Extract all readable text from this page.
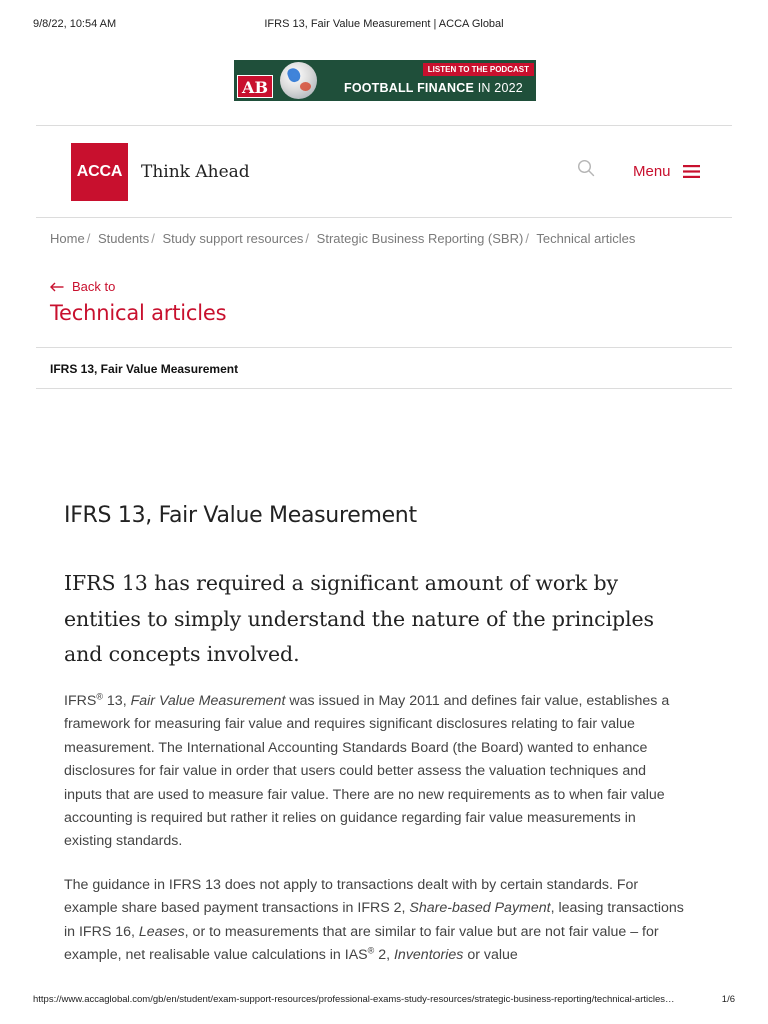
9/8/22, 10:54 AM	IFRS 13, Fair Value Measurement | ACCA Global
AB
LISTEN TO THE PODCAST
FOOTBALL FINANCE IN 2022
ACCA	Think Ahead	Menu
Home / Students / Study support resources / Strategic Business Reporting (SBR) / Technical articles
Back to
Technical articles
IFRS 13, Fair Value Measurement
IFRS 13, Fair Value Measurement
IFRS 13 has required a significant amount of work by entities to simply understand the nature of the principles and concepts involved.

IFRS® 13, Fair Value Measurement was issued in May 2011 and defines fair value, establishes a framework for measuring fair value and requires significant disclosures relating to fair value measurement. The International Accounting Standards Board (the Board) wanted to enhance disclosures for fair value in order that users could better assess the valuation techniques and inputs that are used to measure fair value. There are no new requirements as to when fair value accounting is required but rather it relies on guidance regarding fair value measurements in existing standards.

The guidance in IFRS 13 does not apply to transactions dealt with by certain standards. For example share based payment transactions in IFRS 2, Share-based Payment, leasing transactions in IFRS 16, Leases, or to measurements that are similar to fair value but are not fair value – for example, net realisable value calculations in IAS® 2, Inventories or value

https://www.accaglobal.com/gb/en/student/exam-support-resources/professional-exams-study-resources/strategic-business-reporting/technical-articles…	1/6
